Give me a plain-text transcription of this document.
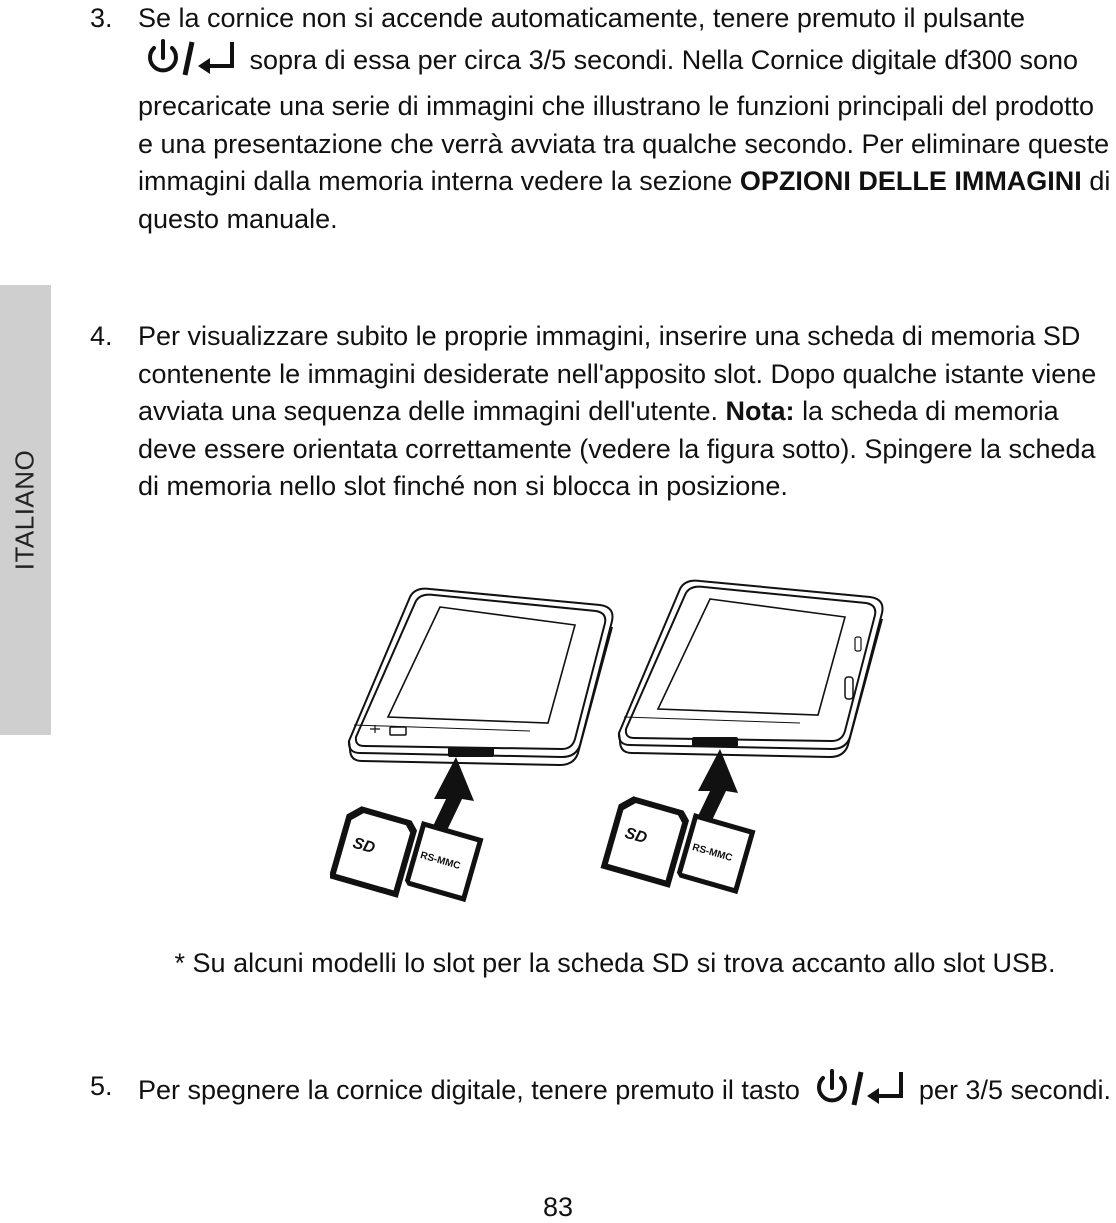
ITALIANO
3. Se la cornice non si accende automaticamente, tenere premuto il pulsante  sopra di essa per circa 3/5 secondi. Nella Cornice digitale df300 sono precaricate una serie di immagini che illustrano le funzioni principali del prodotto e una presentazione che verrà avviata tra qualche secondo. Per eliminare queste immagini dalla memoria interna vedere la sezione OPZIONI DELLE IMMAGINI di questo manuale.
4. Per visualizzare subito le proprie immagini, inserire una scheda di memoria SD contenente le immagini desiderate nell'apposito slot. Dopo qualche istante viene avviata una sequenza delle immagini dell'utente. Nota: la scheda di memoria deve essere orientata correttamente (vedere la figura sotto). Spingere la scheda di memoria nello slot finché non si blocca in posizione.
SD
RS-MMC
SD
RS-MMC
* Su alcuni modelli lo slot per la scheda SD si trova accanto allo slot USB.
5. Per spegnere la cornice digitale, tenere premuto il tasto	per 3/5 secondi.
83
